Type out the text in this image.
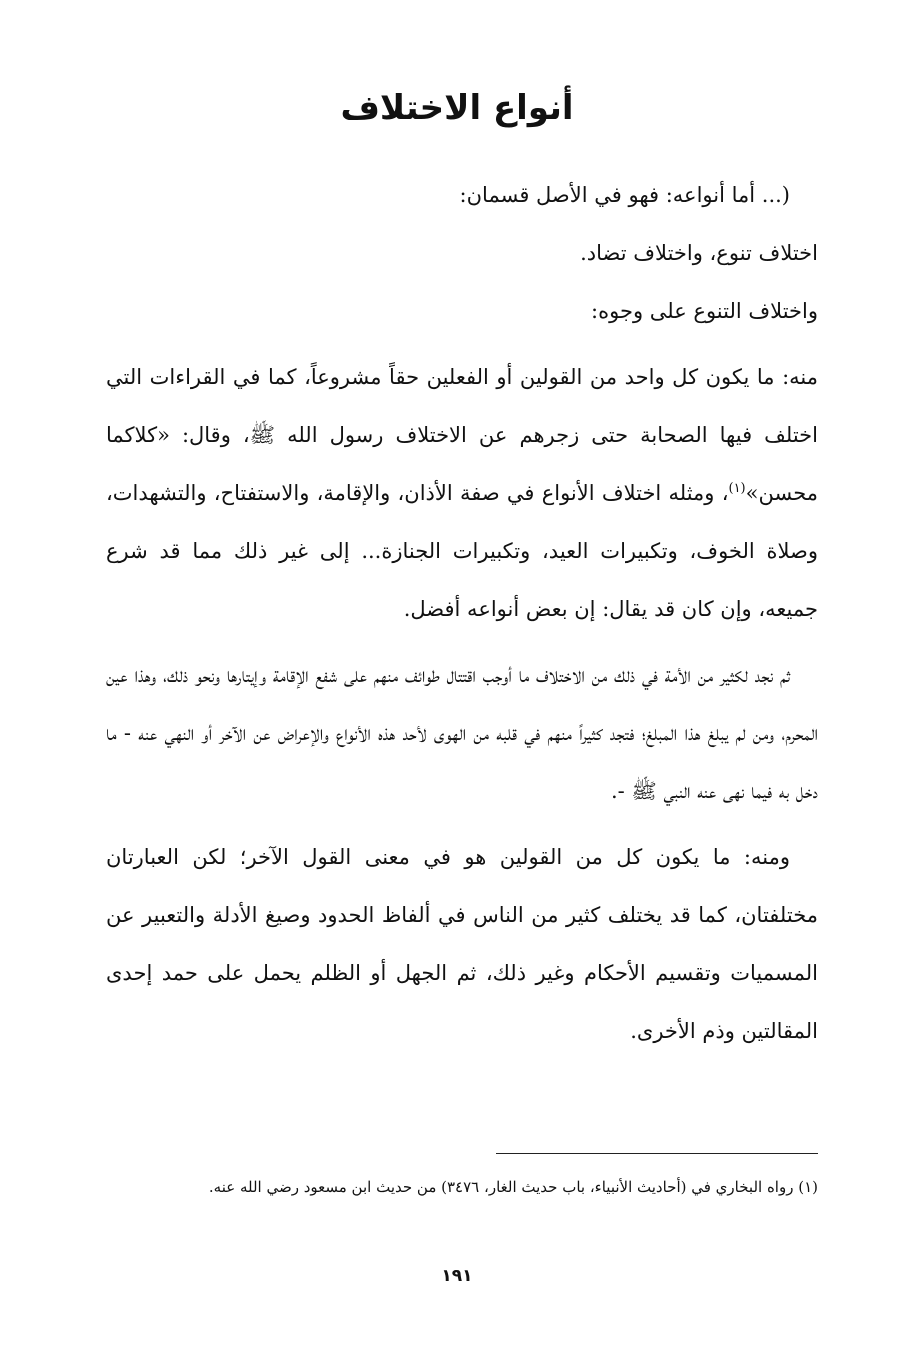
أنواع الاختلاف

(... أما أنواعه: فهو في الأصل قسمان:

اختلاف تنوع، واختلاف تضاد.

واختلاف التنوع على وجوه:

منه: ما يكون كل واحد من القولين أو الفعلين حقاً مشروعاً، كما في القراءات التي اختلف فيها الصحابة حتى زجرهم عن الاختلاف رسول الله ﷺ، وقال: «كلاكما محسن»$^{(١)}$، ومثله اختلاف الأنواع في صفة الأذان، والإقامة، والاستفتاح، والتشهدات، وصلاة الخوف، وتكبيرات العيد، وتكبيرات الجنازة... إلى غير ذلك مما قد شرع جميعه، وإن كان قد يقال: إن بعض أنواعه أفضل.

ثم نجد لكثير من الأمة في ذلك من الاختلاف ما أوجب اقتتال طوائف منهم على شفع الإقامة وإيتارها ونحو ذلك، وهذا عين المحرم، ومن لم يبلغ هذا المبلغ؛ فتجد كثيراً منهم في قلبه من الهوى لأحد هذه الأنواع والإعراض عن الآخر أو النهي عنه - ما دخل به فيما نهى عنه النبي ﷺ -.

ومنه: ما يكون كل من القولين هو في معنى القول الآخر؛ لكن العبارتان مختلفتان، كما قد يختلف كثير من الناس في ألفاظ الحدود وصيغ الأدلة والتعبير عن المسميات وتقسيم الأحكام وغير ذلك، ثم الجهل أو الظلم يحمل على حمد إحدى المقالتين وذم الأخرى.

(١) رواه البخاري في (أحاديث الأنبياء، باب حديث الغار، ٣٤٧٦) من حديث ابن مسعود رضي الله عنه.
١٩١
